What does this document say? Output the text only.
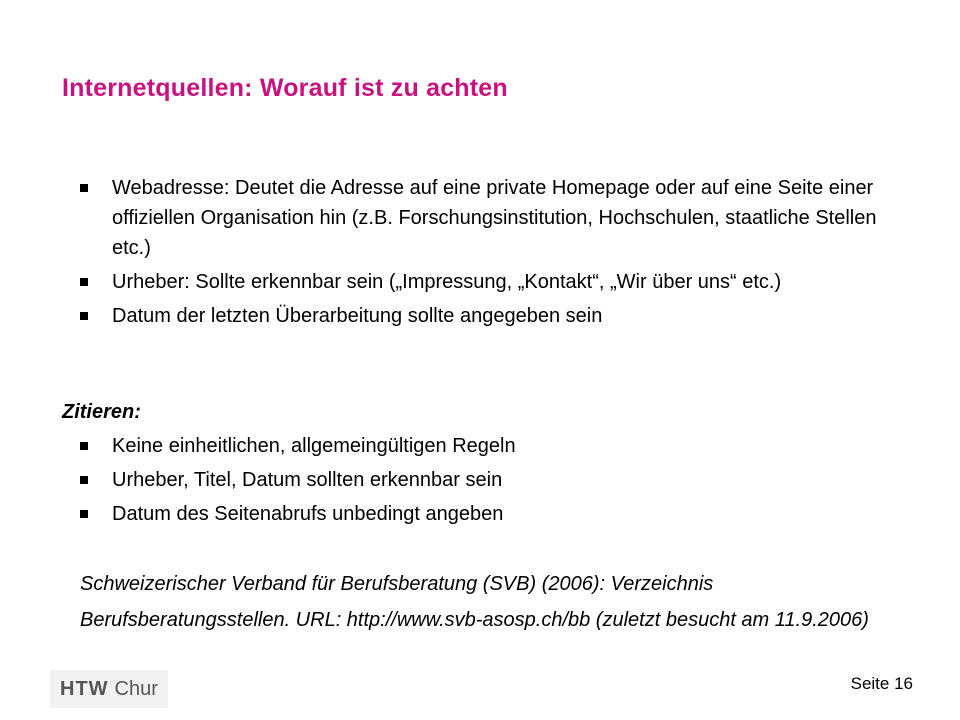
Internetquellen: Worauf ist zu achten
Webadresse: Deutet die Adresse auf eine private Homepage oder auf eine Seite einer offiziellen Organisation hin (z.B. Forschungsinstitution, Hochschulen, staatliche Stellen etc.)
Urheber: Sollte erkennbar sein („Impressung, „Kontakt“, „Wir über uns“ etc.)
Datum der letzten Überarbeitung sollte angegeben sein
Zitieren:
Keine einheitlichen, allgemeingültigen Regeln
Urheber, Titel, Datum sollten erkennbar sein
Datum des Seitenabrufs unbedingt angeben
Schweizerischer Verband für Berufsberatung (SVB) (2006): Verzeichnis Berufsberatungsstellen. URL: http://www.svb-asosp.ch/bb (zuletzt besucht am 11.9.2006)
HTW Chur	Seite 16
